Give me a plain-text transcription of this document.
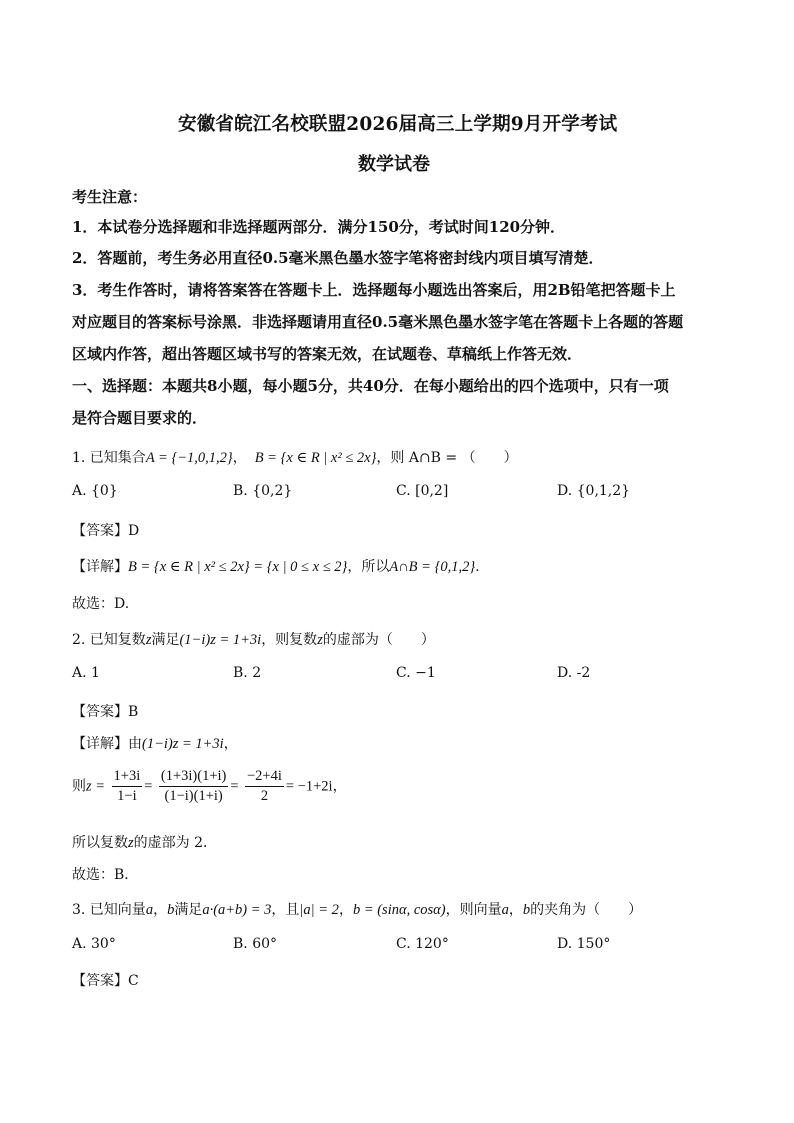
安徽省皖江名校联盟2026届高三上学期9月开学考试
数学试卷
考生注意：
1．本试卷分选择题和非选择题两部分．满分150分，考试时间120分钟．
2．答题前，考生务必用直径0.5毫米黑色墨水签字笔将密封线内项目填写清楚．
3．考生作答时，请将答案答在答题卡上．选择题每小题选出答案后，用2B铅笔把答题卡上
对应题目的答案标号涂黑．非选择题请用直径0.5毫米黑色墨水签字笔在答题卡上各题的答题
区域内作答，超出答题区域书写的答案无效，在试题卷、草稿纸上作答无效．
一、选择题：本题共8小题，每小题5分，共40分．在每小题给出的四个选项中，只有一项
是符合题目要求的．
1. 已知集合A = {−1,0,1,2}， B = {x ∈ R | x² ≤ 2x}，则 A∩B = （　　）
A. {0}	B. {0,2}	C. [0,2]	D. {0,1,2}
【答案】D
【详解】B = {x ∈ R | x² ≤ 2x} = {x | 0 ≤ x ≤ 2}，所以A∩B = {0,1,2}.
故选：D.
2. 已知复数z满足(1−i)z = 1+3i，则复数z的虚部为（　　）
A. 1	B. 2	C. −1	D. -2
【答案】B
【详解】由(1−i)z = 1+3i，
则$z = \frac{1+3i}{1-i} = \frac{(1+3i)(1+i)}{(1-i)(1+i)} = \frac{-2+4i}{2} = -1+2i$，
所以复数z的虚部为 2．
故选：B．
3. 已知向量a，b满足a·(a+b) = 3，且|a| = 2，b = (sinα, cosα)，则向量a，b的夹角为（　　）
A. 30°	B. 60°	C. 120°	D. 150°
【答案】C
